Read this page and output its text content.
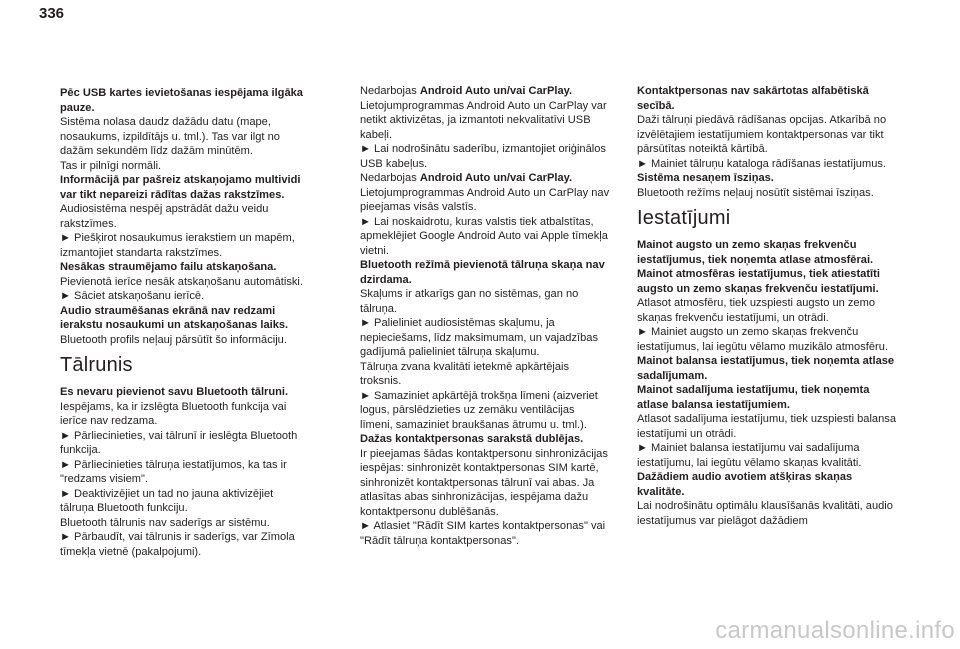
336

Pēc USB kartes ievietošanas iespējama ilgāka pauze.

Sistēma nolasa daudz dažādu datu (mape, nosaukums, izpildītājs u. tml.). Tas var ilgt no dažām sekundēm līdz dažām minūtēm.

Tas ir pilnīgi normāli.

Informācijā par pašreiz atskaņojamo multividi var tikt nepareizi rādītas dažas rakstzīmes.

Audiosistēma nespēj apstrādāt dažu veidu rakstzīmes.

► Piešķirot nosaukumus ierakstiem un mapēm, izmantojiet standarta rakstzīmes.

Nesākas straumējamo failu atskaņošana.

Pievienotā ierīce nesāk atskaņošanu automātiski.

► Sāciet atskaņošanu ierīcē.

Audio straumēšanas ekrānā nav redzami ierakstu nosaukumi un atskaņošanas laiks.

Bluetooth profils neļauj pārsūtīt šo informāciju.

Tālrunis

Es nevaru pievienot savu Bluetooth tālruni.

Iespējams, ka ir izslēgta Bluetooth funkcija vai ierīce nav redzama.

► Pārliecinieties, vai tālrunī ir ieslēgta Bluetooth funkcija.

► Pārliecinieties tālruņa iestatījumos, ka tas ir "redzams visiem".

► Deaktivizējiet un tad no jauna aktivizējiet tālruņa Bluetooth funkciju.

Bluetooth tālrunis nav saderīgs ar sistēmu.

► Pārbaudīt, vai tālrunis ir saderīgs, var Zīmola tīmekļa vietnē (pakalpojumi).

Nedarbojas Android Auto un/vai CarPlay.

Lietojumprogrammas Android Auto un CarPlay var netikt aktivizētas, ja izmantoti nekvalitatīvi USB kabeļi.

► Lai nodrošinātu saderību, izmantojiet oriģinālos USB kabeļus.

Nedarbojas Android Auto un/vai CarPlay.

Lietojumprogrammas Android Auto un CarPlay nav pieejamas visās valstīs.

► Lai noskaidrotu, kuras valstis tiek atbalstītas, apmeklējiet Google Android Auto vai Apple tīmekļa vietni.

Bluetooth režīmā pievienotā tālruņa skaņa nav dzirdama.

Skaļums ir atkarīgs gan no sistēmas, gan no tālruņa.

► Palieliniet audiosistēmas skaļumu, ja nepieciešams, līdz maksimumam, un vajadzības gadījumā palieliniet tālruņa skaļumu.

Tālruņa zvana kvalitāti ietekmē apkārtējais troksnis.

► Samaziniet apkārtējā trokšņa līmeni (aizveriet logus, pārslēdzieties uz zemāku ventilācijas līmeni, samaziniet braukšanas ātrumu u. tml.).

Dažas kontaktpersonas sarakstā dublējas.

Ir pieejamas šādas kontaktpersonu sinhronizācijas iespējas: sinhronizēt kontaktpersonas SIM kartē, sinhronizēt kontaktpersonas tālrunī vai abas. Ja atlasītas abas sinhronizācijas, iespējama dažu kontaktpersonu dublēšanās.

► Atlasiet "Rādīt SIM kartes kontaktpersonas" vai "Rādīt tālruņa kontaktpersonas".

Kontaktpersonas nav sakārtotas alfabētiskā secībā.

Daži tālruņi piedāvā rādīšanas opcijas. Atkarībā no izvēlētajiem iestatījumiem kontaktpersonas var tikt pārsūtītas noteiktā kārtībā.

► Mainiet tālruņu kataloga rādīšanas iestatījumus.

Sistēma nesaņem īsziņas.

Bluetooth režīms neļauj nosūtīt sistēmai īsziņas.

Iestatījumi

Mainot augsto un zemo skaņas frekvenču iestatījumus, tiek noņemta atlase atmosfērai.

Mainot atmosfēras iestatījumus, tiek atiestatīti augsto un zemo skaņas frekvenču iestatījumi.

Atlasot atmosfēru, tiek uzspiesti augsto un zemo skaņas frekvenču iestatījumi, un otrādi.

► Mainiet augsto un zemo skaņas frekvenču iestatījumus, lai iegūtu vēlamo muzikālo atmosfēru.

Mainot balansa iestatījumus, tiek noņemta atlase sadalījumam.

Mainot sadalījuma iestatījumu, tiek noņemta atlase balansa iestatījumiem.

Atlasot sadalījuma iestatījumu, tiek uzspiesti balansa iestatījumi un otrādi.

► Mainiet balansa iestatījumu vai sadalījuma iestatījumu, lai iegūtu vēlamo skaņas kvalitāti.

Dažādiem audio avotiem atšķiras skaņas kvalitāte.

Lai nodrošinātu optimālu klausīšanās kvalitāti, audio iestatījumus var pielāgot dažādiem

carmanualsonline.info
